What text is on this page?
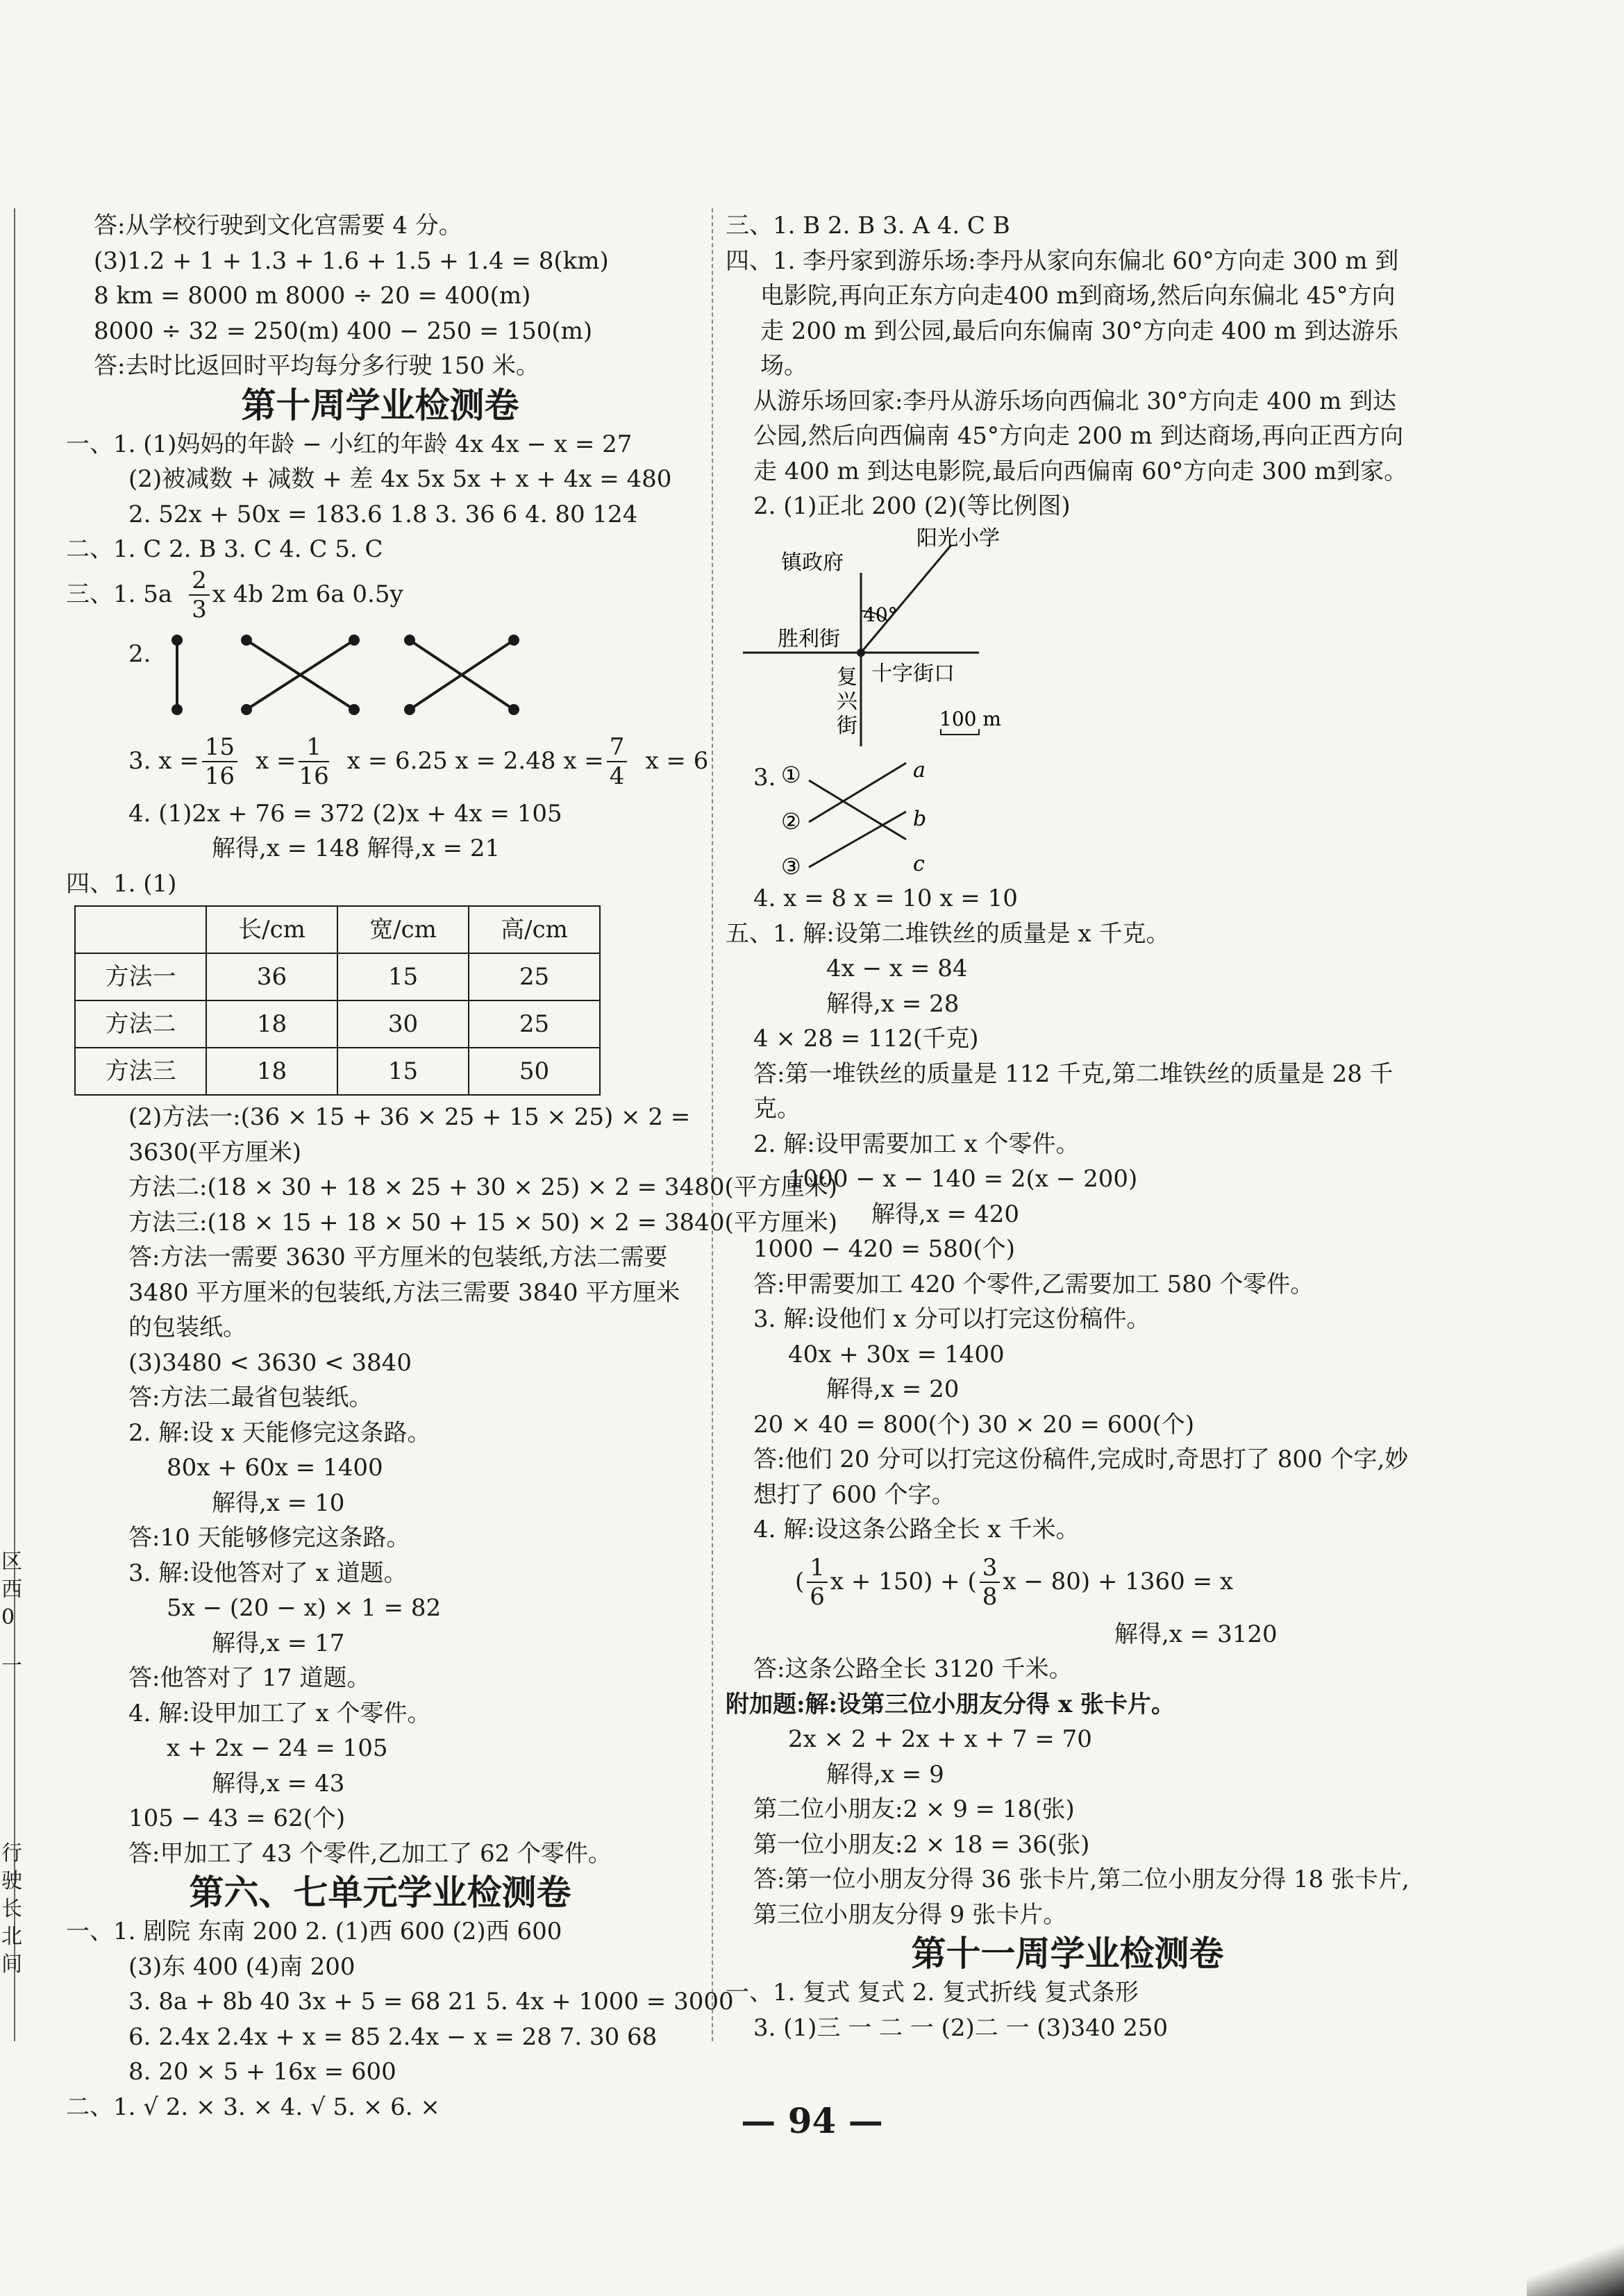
区
西
0
一
行
驶
长
北
间
答:从学校行驶到文化宫需要 4 分。
(3)1.2 + 1 + 1.3 + 1.6 + 1.5 + 1.4 = 8(km)
8 km = 8000 m 8000 ÷ 20 = 400(m)
8000 ÷ 32 = 250(m) 400 − 250 = 150(m)
答:去时比返回时平均每分多行驶 150 米。
第十周学业检测卷
一、1. (1)妈妈的年龄 − 小红的年龄 4x 4x − x = 27
(2)被减数 + 减数 + 差 4x 5x 5x + x + 4x = 480
2. 52x + 50x = 183.6 1.8 3. 36 6 4. 80 124
二、1. C 2. B 3. C 4. C 5. C
三、1. $5a \frac{2}{3}$ x 4b 2m 6a 0.5y
2.
3. $x = \frac{15}{16}$ $x = \frac{1}{16}$ x = 6.25 x = 2.48 $x = \frac{7}{4}$ x = 6
4. (1)2x + 76 = 372 (2)x + 4x = 105
解得,x = 148 解得,x = 21
四、1. (1)
	长/cm	宽/cm	高/cm
方法一	36	15	25
方法二	18	30	25
方法三	18	15	50
(2)方法一:(36 × 15 + 36 × 25 + 15 × 25) × 2 = 3630(平方厘米)
方法二:(18 × 30 + 18 × 25 + 30 × 25) × 2 = 3480(平方厘米)
方法三:(18 × 15 + 18 × 50 + 15 × 50) × 2 = 3840(平方厘米)
答:方法一需要 3630 平方厘米的包装纸,方法二需要 3480 平方厘米的包装纸,方法三需要 3840 平方厘米的包装纸。
(3)3480 < 3630 < 3840
答:方法二最省包装纸。
2. 解:设 x 天能修完这条路。
80x + 60x = 1400
解得,x = 10
答:10 天能够修完这条路。
3. 解:设他答对了 x 道题。
5x − (20 − x) × 1 = 82
解得,x = 17
答:他答对了 17 道题。
4. 解:设甲加工了 x 个零件。
x + 2x − 24 = 105
解得,x = 43
105 − 43 = 62(个)
答:甲加工了 43 个零件,乙加工了 62 个零件。
第六、七单元学业检测卷
一、1. 剧院 东南 200 2. (1)西 600 (2)西 600
(3)东 400 (4)南 200
3. 8a + 8b 40 3x + 5 = 68 21 5. 4x + 1000 = 3000
6. 2.4x 2.4x + x = 85 2.4x − x = 28 7. 30 68
8. 20 × 5 + 16x = 600
二、1. √ 2. × 3. × 4. √ 5. × 6. ×
三、1. B 2. B 3. A 4. C B
四、1. 李丹家到游乐场:李丹从家向东偏北 60°方向走 300 m 到电影院,再向正东方向走400 m到商场,然后向东偏北 45°方向走 200 m 到公园,最后向东偏南 30°方向走 400 m 到达游乐场。
从游乐场回家:李丹从游乐场向西偏北 30°方向走 400 m 到达公园,然后向西偏南 45°方向走 200 m 到达商场,再向正西方向走 400 m 到达电影院,最后向西偏南 60°方向走 300 m到家。
2. (1)正北 200 (2)(等比例图)
镇政府
阳光小学
40°
胜利街
复
兴
街
十字街口
100 m
3. ①
②
③
a
b
c
4. x = 8 x = 10 x = 10
五、1. 解:设第二堆铁丝的质量是 x 千克。
4x − x = 84
解得,x = 28
4 × 28 = 112(千克)
答:第一堆铁丝的质量是 112 千克,第二堆铁丝的质量是 28 千克。
2. 解:设甲需要加工 x 个零件。
1000 − x − 140 = 2(x − 200)
解得,x = 420
1000 − 420 = 580(个)
答:甲需要加工 420 个零件,乙需要加工 580 个零件。
3. 解:设他们 x 分可以打完这份稿件。
40x + 30x = 1400
解得,x = 20
20 × 40 = 800(个) 30 × 20 = 600(个)
答:他们 20 分可以打完这份稿件,完成时,奇思打了 800 个字,妙想打了 600 个字。
4. 解:设这条公路全长 x 千米。
( $\frac{1}{6}$ x + 150) + ( $\frac{3}{8}$ x − 80) + 1360 = x
解得,x = 3120
答:这条公路全长 3120 千米。
附加题:解:设第三位小朋友分得 x 张卡片。
2x × 2 + 2x + x + 7 = 70
解得,x = 9
第二位小朋友:2 × 9 = 18(张)
第一位小朋友:2 × 18 = 36(张)
答:第一位小朋友分得 36 张卡片,第二位小朋友分得 18 张卡片,第三位小朋友分得 9 张卡片。
第十一周学业检测卷
一、1. 复式 复式 2. 复式折线 复式条形
3. (1)三 一 二 一 (2)二 一 (3)340 250
— 94 —
